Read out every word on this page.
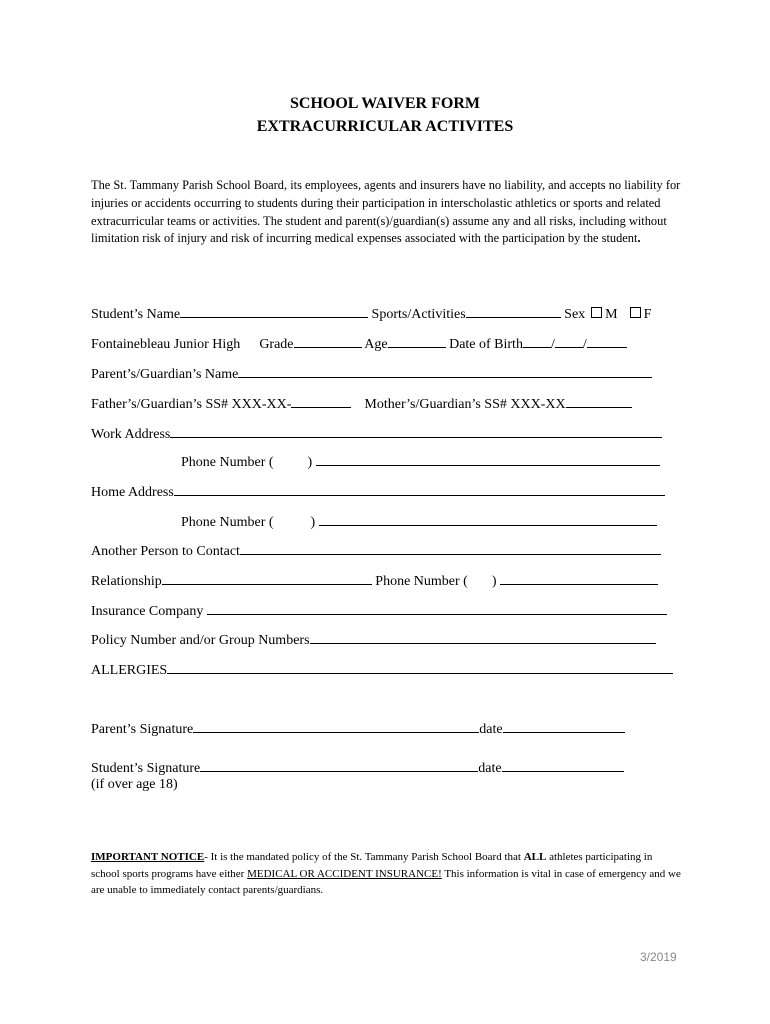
SCHOOL WAIVER FORM
EXTRACURRICULAR ACTIVITES
The St. Tammany Parish School Board, its employees, agents and insurers have no liability, and accepts no liability for injuries or accidents occurring to students during their participation in interscholastic athletics or sports and related extracurricular teams or activities. The student and parent(s)/guardian(s) assume any and all risks, including without limitation risk of injury and risk of incurring medical expenses associated with the participation by the student.
Student’s Name	Sports/Activities	Sex M F
Fontainebleau Junior High Grade	Age	Date of Birth / /
Parent’s/Guardian’s Name
Father’s/Guardian’s SS# XXX-XX-	Mother’s/Guardian’s SS# XXX-XX
Work Address
Phone Number ( )
Home Address
Phone Number (	)
Another Person to Contact
Relationship	Phone Number ( )
Insurance Company
Policy Number and/or Group Numbers
ALLERGIES
Parent’s Signature	date
Student’s Signature	date
(if over age 18)
IMPORTANT NOTICE- It is the mandated policy of the St. Tammany Parish School Board that ALL athletes participating in school sports programs have either MEDICAL OR ACCIDENT INSURANCE! This information is vital in case of emergency and we are unable to immediately contact parents/guardians.
3/2019
